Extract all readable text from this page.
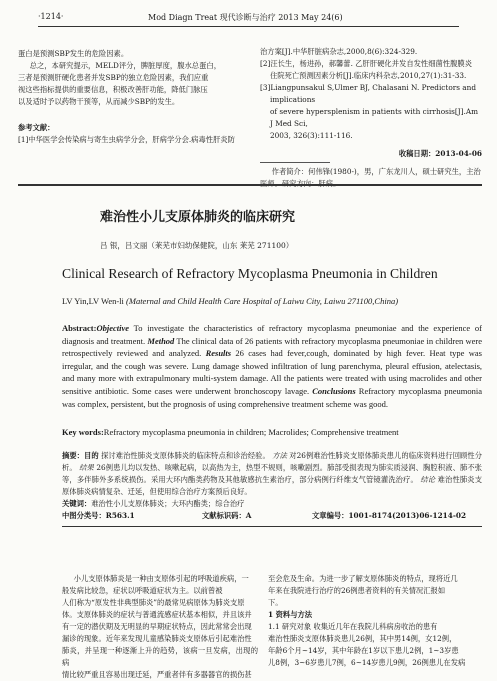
·1214·	Mod Diagn Treat 现代诊断与治疗 2013 May 24(6)

蛋白是预测SBP发生的危险因素。

总之，本研究提示，MELD评分，脾脏厚度，腹水总蛋白，

三者是预测肝硬化患者并发SBP的独立危险因素，我们应重

视这些指标提供的重要信息，积极改善肝功能，降低门脉压

以及适时予以药物干预等，从而减少SBP的发生。

参考文献：

[1]中华医学会传染病与寄生虫病学分会，肝病学分会.病毒性肝炎防

治方案[J].中华肝脏病杂志,2000,8(6):324-329.

[2]汪长生，杨进孙，郝馨蕾. 乙肝肝硬化并发自发性细菌性腹膜炎

住院死亡预测因素分析[J].临床内科杂志,2010,27(1):31-33.

[3]Liangpunsakul S,Ulmer BJ, Chalasani N. Predictors and implications

of severe hypersplenism in patients with cirrhosis[J].Am J Med Sci,

2003, 326(3):111-116.

收稿日期：2013-04-06

作者简介：何伟锋(1980-)，男，广东龙川人，硕士研究生，主治

医师。研究方向：肝病。

难治性小儿支原体肺炎的临床研究
吕 银，吕文丽（莱芜市妇幼保健院，山东 莱芜 271100）
Clinical Research of Refractory Mycoplasma Pneumonia in Children
LV Yin,LV Wen-li (Maternal and Child Health Care Hospital of Laiwu City, Laiwu 271100,China)
Abstract:Objective To investigate the characteristics of refractory mycoplasma pneumoniae and the experience of diagnosis and treatment. Method The clinical data of 26 patients with refractory mycoplasma pneumoniae in children were retrospectively reviewed and analyzed. Results 26 cases had fever,cough, dominated by high fever. Heat type was irregular, and the cough was severe. Lung damage showed infiltration of lung parenchyma, pleural effusion, atelectasis, and many more with extrapulmonary multi-system damage. All the patients were treated with using macrolides and other sensitive antibiotic. Some cases were underwent bronchoscopy lavage. Conclusions Refractory mycoplasma pneumonia was complex, persistent, but the prognosis of using comprehensive treatment scheme was good.
Key words:Refractory mycoplasma pneumonia in children; Macrolides; Comprehensive treatment
摘要：目的 探讨难治性肺炎支原体肺炎的临床特点和诊治经验。 方法 对26例难治性肺炎支原体肺炎患儿的临床资料进行回顾性分析。 结果 26例患儿均以发热、咳嗽起病，以高热为主，热型不规则，咳嗽剧烈。肺部受损表现为肺实质浸润、胸腔积液、肺不张等，多伴肺外多系统损伤。采用大环内酯类药物及其他敏感抗生素治疗，部分病例行纤维支气管镜灌洗治疗。 结论 难治性肺炎支原体肺炎病情复杂、迁延，但使用综合治疗方案预后良好。
关键词：难治性小儿支原体肺炎；大环内酯类；综合治疗
中图分类号：R563.1	文献标识码：A	文章编号：1001-8174(2013)06-1214-02

小儿支原体肺炎是一种由支原体引起的呼吸道疾病，一

般发病比较急，症状以呼吸道症状为主。以前曾被

人们称为“原发性非典型肺炎”的最常见病原体为肺炎支原

体。支原体肺炎的症状与普通流感症状基本相似，并且该并

有一定的潜伏期及无明显的早期症状特点，因此常常会出现

漏诊的现象。近年来发现儿童感染肺炎支原体后引起难治性

肺炎，并呈现一种逐渐上升的趋势，该病一旦发病，出现的病

情比较严重且容易出现迁延，严重者伴有多器器官的损伤甚

至会危及生命。为进一步了解支原体肺炎的特点，现将近几

年来在我院进行治疗的26例患者资料的有关情况汇报如

下。

1 资料与方法

1.1 研究对象 收集近几年在我院儿科病房收治的患有

难治性肺炎支原体肺炎患儿26例，其中男14例，女12例，

年龄6个月~14岁，其中年龄在1岁以下患儿2例，1~3岁患

儿8例，3~6岁患儿7例，6~14岁患儿9例，26例患儿在发病
